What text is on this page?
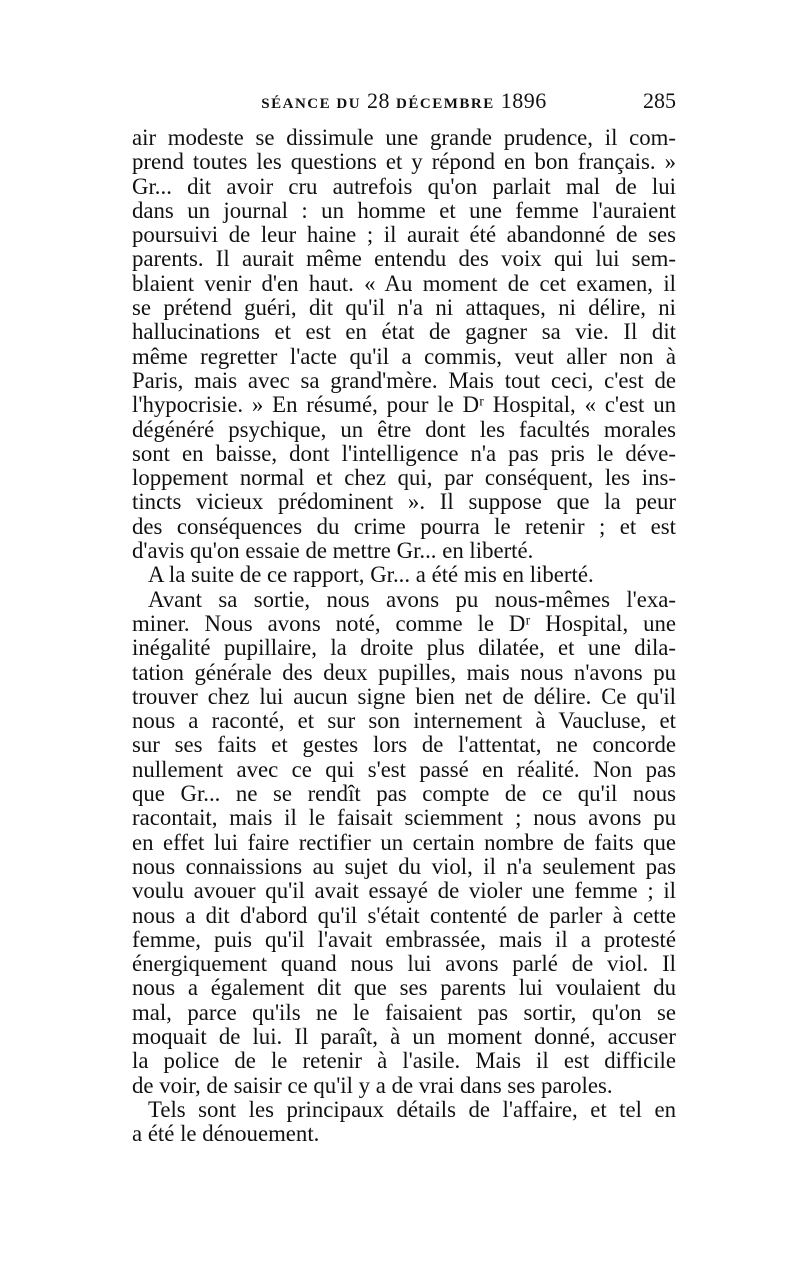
SÉANCE DU 28 DÉCEMBRE 1896	285
air modeste se dissimule une grande prudence, il com-
prend toutes les questions et y répond en bon français. »
Gr... dit avoir cru autrefois qu'on parlait mal de lui
dans un journal : un homme et une femme l'auraient
poursuivi de leur haine ; il aurait été abandonné de ses
parents. Il aurait même entendu des voix qui lui sem-
blaient venir d'en haut. « Au moment de cet examen, il
se prétend guéri, dit qu'il n'a ni attaques, ni délire, ni
hallucinations et est en état de gagner sa vie. Il dit
même regretter l'acte qu'il a commis, veut aller non à
Paris, mais avec sa grand'mère. Mais tout ceci, c'est de
l'hypocrisie. » En résumé, pour le Dʳ Hospital, « c'est un
dégénéré psychique, un être dont les facultés morales
sont en baisse, dont l'intelligence n'a pas pris le déve-
loppement normal et chez qui, par conséquent, les ins-
tincts vicieux prédominent ». Il suppose que la peur
des conséquences du crime pourra le retenir ; et est
d'avis qu'on essaie de mettre Gr... en liberté.
A la suite de ce rapport, Gr... a été mis en liberté.
Avant sa sortie, nous avons pu nous-mêmes l'exa-
miner. Nous avons noté, comme le Dʳ Hospital, une
inégalité pupillaire, la droite plus dilatée, et une dila-
tation générale des deux pupilles, mais nous n'avons pu
trouver chez lui aucun signe bien net de délire. Ce qu'il
nous a raconté, et sur son internement à Vaucluse, et
sur ses faits et gestes lors de l'attentat, ne concorde
nullement avec ce qui s'est passé en réalité. Non pas
que Gr... ne se rendît pas compte de ce qu'il nous
racontait, mais il le faisait sciemment ; nous avons pu
en effet lui faire rectifier un certain nombre de faits que
nous connaissions au sujet du viol, il n'a seulement pas
voulu avouer qu'il avait essayé de violer une femme ; il
nous a dit d'abord qu'il s'était contenté de parler à cette
femme, puis qu'il l'avait embrassée, mais il a protesté
énergiquement quand nous lui avons parlé de viol. Il
nous a également dit que ses parents lui voulaient du
mal, parce qu'ils ne le faisaient pas sortir, qu'on se
moquait de lui. Il paraît, à un moment donné, accuser
la police de le retenir à l'asile. Mais il est difficile
de voir, de saisir ce qu'il y a de vrai dans ses paroles.
Tels sont les principaux détails de l'affaire, et tel en
a été le dénouement.
